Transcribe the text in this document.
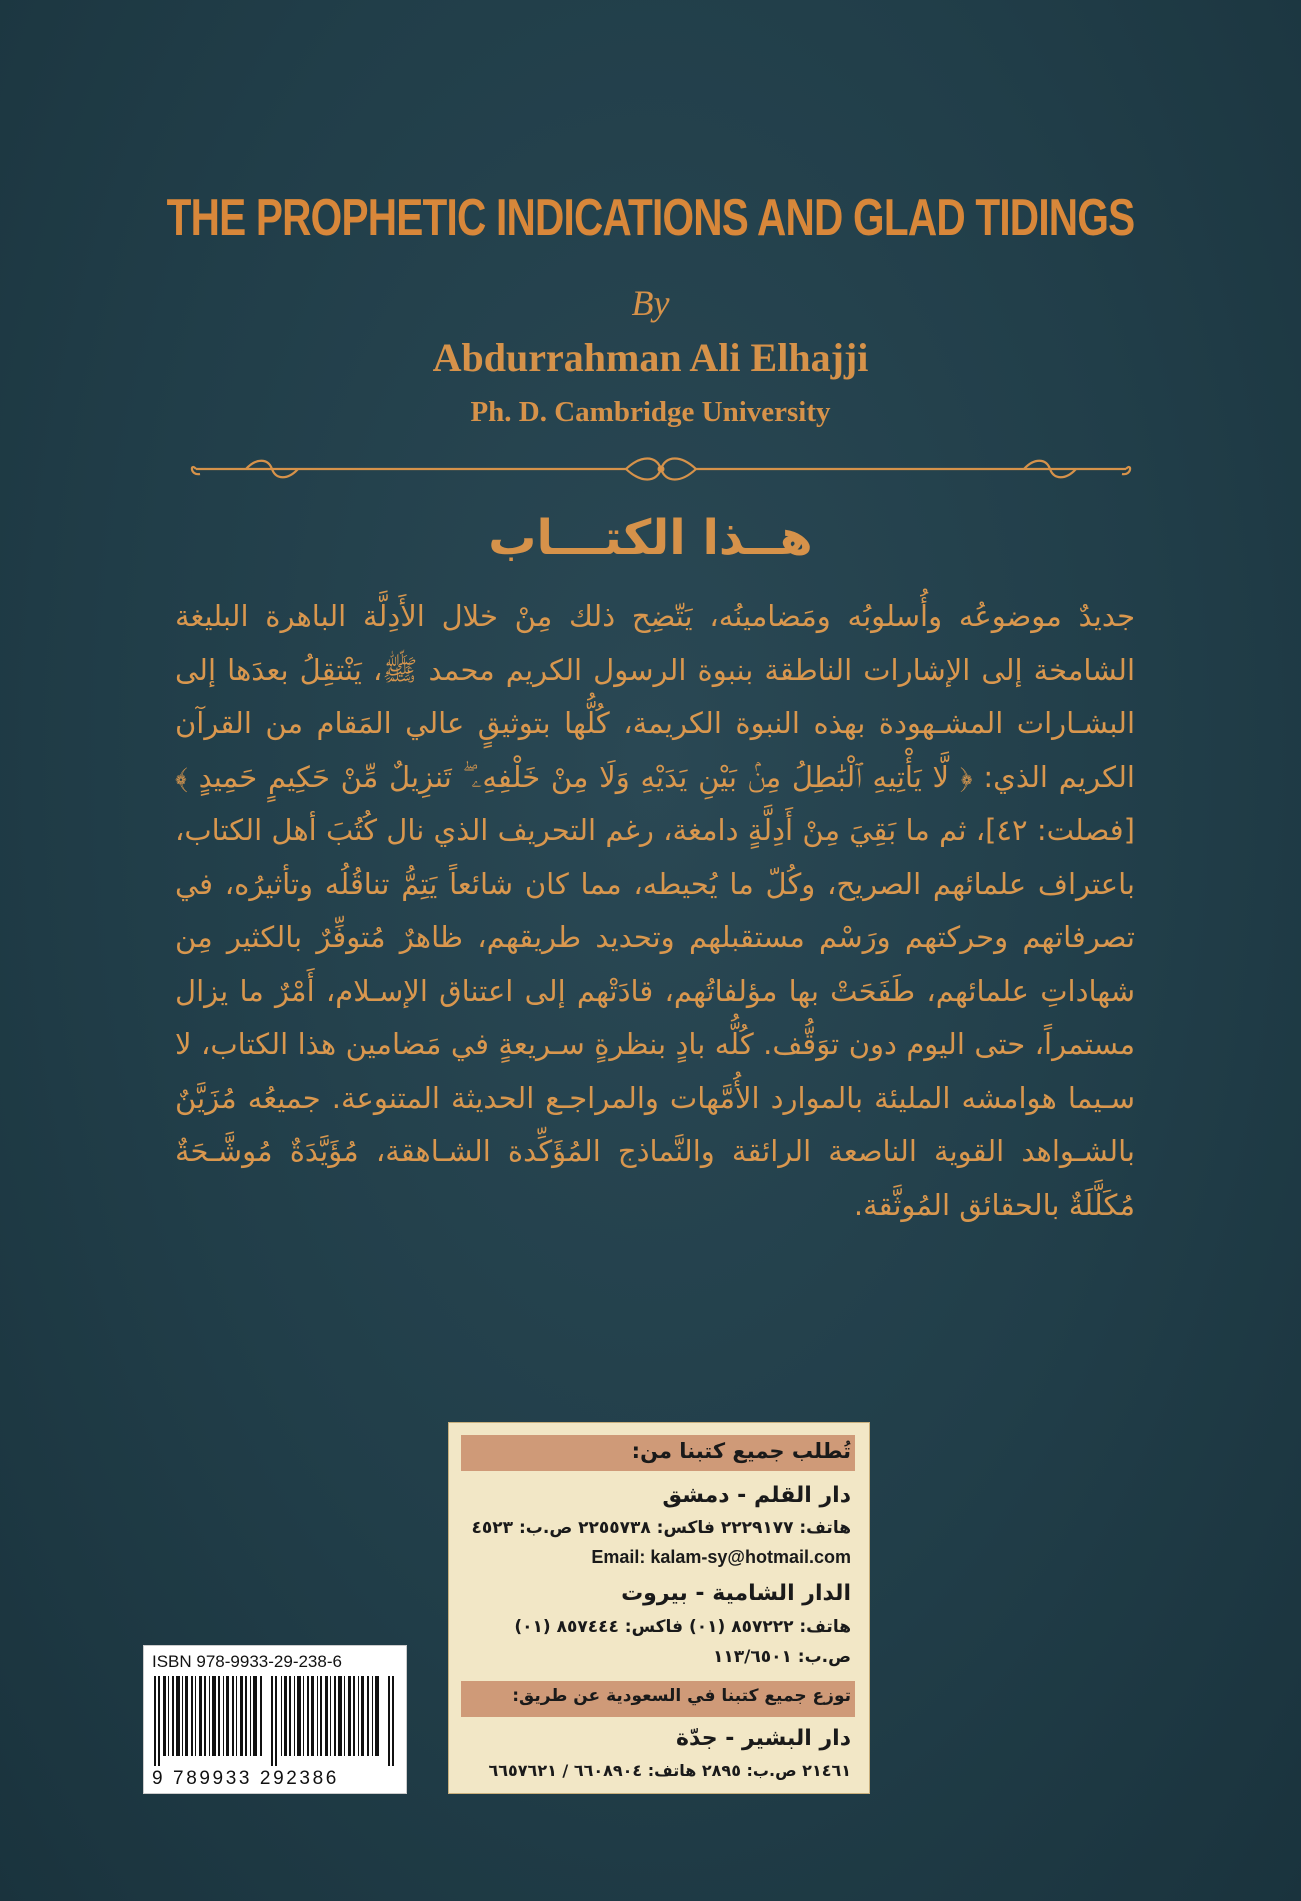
THE PROPHETIC INDICATIONS AND GLAD TIDINGS
By
Abdurrahman Ali Elhajji
Ph. D. Cambridge University
هــذا الكتـــاب
جديدٌ موضوعُه وأُسلوبُه ومَضامينُه، يَتّضِح ذلك مِنْ خلال الأَدِلَّة الباهرة البليغة الشامخة إلى الإشارات الناطقة بنبوة الرسول الكريم محمد ﷺ، يَنْتقِلُ بعدَها إلى البشـارات المشـهودة بهذه النبوة الكريمة، كُلُّها بتوثيقٍ عالي المَقام من القرآن الكريم الذي: ﴿ لَّا يَأْتِيهِ ٱلْبَٰطِلُ مِنۢ بَيْنِ يَدَيْهِ وَلَا مِنْ خَلْفِهِۦ ۖ تَنزِيلٌ مِّنْ حَكِيمٍ حَمِيدٍ ﴾ [فصلت: ٤٢]، ثم ما بَقِيَ مِنْ أَدِلَّةٍ دامغة، رغم التحريف الذي نال كُتُبَ أهل الكتاب، باعتراف علمائهم الصريح، وكُلّ ما يُحيطه، مما كان شائعاً يَتِمُّ تناقُلُه وتأثيرُه، في تصرفاتهم وحركتهم ورَسْم مستقبلهم وتحديد طريقهم، ظاهرٌ مُتوفِّرٌ بالكثير مِن شهاداتِ علمائهم، طَفَحَتْ بها مؤلفاتُهم، قادَتْهم إلى اعتناق الإسـلام، أَمْرٌ ما يزال مستمراً، حتى اليوم دون توَقُّف. كُلُّه بادٍ بنظرةٍ سـريعةٍ في مَضامين هذا الكتاب، لا سـيما هوامشه المليئة بالموارد الأُمَّهات والمراجـع الحديثة المتنوعة. جميعُه مُزَيَّنٌ بالشـواهد القوية الناصعة الرائقة والنَّماذج المُؤَكِّدة الشـاهقة، مُؤَيَّدَةٌ مُوشَّـحَةٌ مُكَلَّلَةٌ بالحقائق المُوثَّقة.
ISBN 978-9933-29-238-6
9 789933 292386
تُطلب جميع كتبنا من:
دار القلم - دمشق
هاتف: ٢٢٢٩١٧٧ فاكس: ٢٢٥٥٧٣٨ ص.ب: ٤٥٢٣
Email: kalam-sy@hotmail.com
الدار الشامية - بيروت
هاتف: ٨٥٧٢٢٢ (٠١) فاكس: ٨٥٧٤٤٤ (٠١)
ص.ب: ١١٣/٦٥٠١
توزع جميع كتبنا في السعودية عن طريق:
دار البشير - جدّة
٢١٤٦١ ص.ب: ٢٨٩٥ هاتف: ٦٦٠٨٩٠٤ / ٦٦٥٧٦٢١
